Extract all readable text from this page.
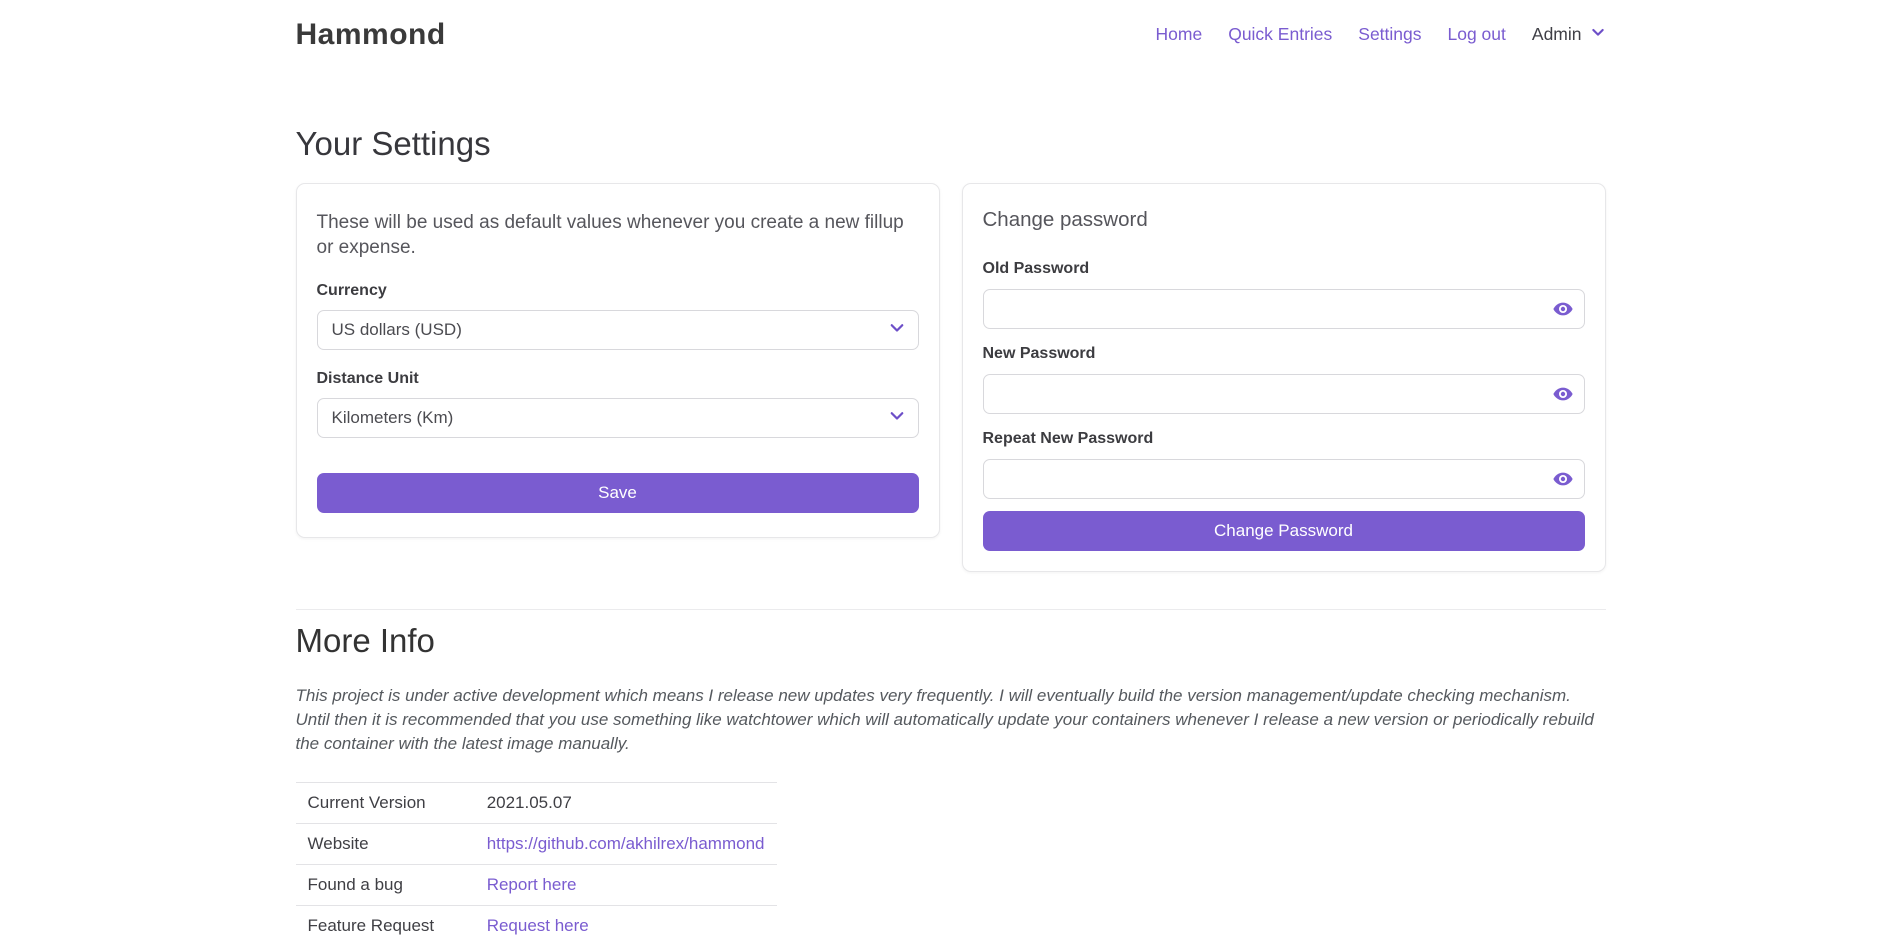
Hammond	Home Quick Entries Settings Log out Admin
Your Settings

These will be used as default values whenever you create a new fillup or expense.

Currency
US dollars (USD)
Distance Unit
Kilometers (Km)
Save
Change password
Old Password
New Password
Repeat New Password
Change Password
More Info

This project is under active development which means I release new updates very frequently. I will eventually build the version management/update checking mechanism. Until then it is recommended that you use something like watchtower which will automatically update your containers whenever I release a new version or periodically rebuild the container with the latest image manually.

Current Version	2021.05.07
Website	https://github.com/akhilrex/hammond
Found a bug	Report here
Feature Request	Request here
